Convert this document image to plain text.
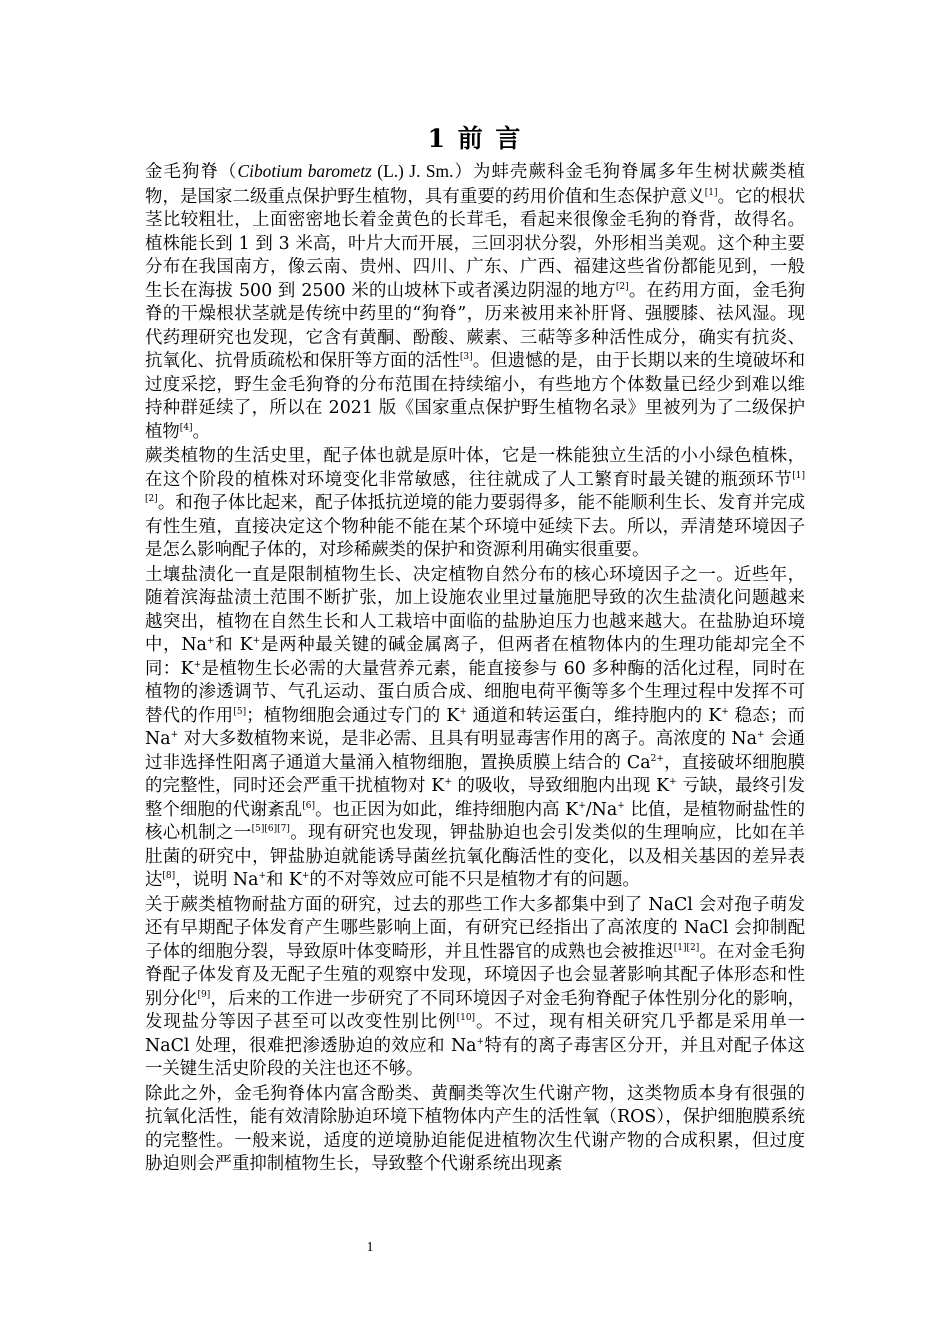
1 前 言

金毛狗脊（Cibotium barometz (L.) J. Sm.）为蚌壳蕨科金毛狗脊属多年生树状蕨类植物，是国家二级重点保护野生植物，具有重要的药用价值和生态保护意义[1]。它的根状茎比较粗壮，上面密密地长着金黄色的长茸毛，看起来很像金毛狗的脊背，故得名。植株能长到 1 到 3 米高，叶片大而开展，三回羽状分裂，外形相当美观。这个种主要分布在我国南方，像云南、贵州、四川、广东、广西、福建这些省份都能见到，一般生长在海拔 500 到 2500 米的山坡林下或者溪边阴湿的地方[2]。在药用方面，金毛狗脊的干燥根状茎就是传统中药里的“狗脊”，历来被用来补肝肾、强腰膝、祛风湿。现代药理研究也发现，它含有黄酮、酚酸、蕨素、三萜等多种活性成分，确实有抗炎、抗氧化、抗骨质疏松和保肝等方面的活性[3]。但遗憾的是，由于长期以来的生境破坏和过度采挖，野生金毛狗脊的分布范围在持续缩小，有些地方个体数量已经少到难以维持种群延续了，所以在 2021 版《国家重点保护野生植物名录》里被列为了二级保护植物[4]。

蕨类植物的生活史里，配子体也就是原叶体，它是一株能独立生活的小小绿色植株，在这个阶段的植株对环境变化非常敏感，往往就成了人工繁育时最关键的瓶颈环节[1][2]。和孢子体比起来，配子体抵抗逆境的能力要弱得多，能不能顺利生长、发育并完成有性生殖，直接决定这个物种能不能在某个环境中延续下去。所以，弄清楚环境因子是怎么影响配子体的，对珍稀蕨类的保护和资源利用确实很重要。

土壤盐渍化一直是限制植物生长、决定植物自然分布的核心环境因子之一。近些年，随着滨海盐渍土范围不断扩张，加上设施农业里过量施肥导致的次生盐渍化问题越来越突出，植物在自然生长和人工栽培中面临的盐胁迫压力也越来越大。在盐胁迫环境中，Na+和 K+是两种最关键的碱金属离子，但两者在植物体内的生理功能却完全不同：K+是植物生长必需的大量营养元素，能直接参与 60 多种酶的活化过程，同时在植物的渗透调节、气孔运动、蛋白质合成、细胞电荷平衡等多个生理过程中发挥不可替代的作用[5]；植物细胞会通过专门的 K+ 通道和转运蛋白，维持胞内的 K+ 稳态；而 Na+ 对大多数植物来说，是非必需、且具有明显毒害作用的离子。高浓度的 Na+ 会通过非选择性阳离子通道大量涌入植物细胞，置换质膜上结合的 $Ca^{2+}$，直接破坏细胞膜的完整性，同时还会严重干扰植物对 K+ 的吸收，导致细胞内出现 K+ 亏缺，最终引发整个细胞的代谢紊乱[6]。也正因为如此，维持细胞内高 K+/Na+ 比值，是植物耐盐性的核心机制之一[5][6][7]。现有研究也发现，钾盐胁迫也会引发类似的生理响应，比如在羊肚菌的研究中，钾盐胁迫就能诱导菌丝抗氧化酶活性的变化，以及相关基因的差异表达[8]，说明 Na+和 K+的不对等效应可能不只是植物才有的问题。

关于蕨类植物耐盐方面的研究，过去的那些工作大多都集中到了 NaCl 会对孢子萌发还有早期配子体发育产生哪些影响上面，有研究已经指出了高浓度的 NaCl 会抑制配子体的细胞分裂，导致原叶体变畸形，并且性器官的成熟也会被推迟[1][2]。在对金毛狗脊配子体发育及无配子生殖的观察中发现，环境因子也会显著影响其配子体形态和性别分化[9]，后来的工作进一步研究了不同环境因子对金毛狗脊配子体性别分化的影响，发现盐分等因子甚至可以改变性别比例[10]。不过，现有相关研究几乎都是采用单一 NaCl 处理，很难把渗透胁迫的效应和 Na+特有的离子毒害区分开，并且对配子体这一关键生活史阶段的关注也还不够。

除此之外，金毛狗脊体内富含酚类、黄酮类等次生代谢产物，这类物质本身有很强的抗氧化活性，能有效清除胁迫环境下植物体内产生的活性氧（ROS），保护细胞膜系统的完整性。一般来说，适度的逆境胁迫能促进植物次生代谢产物的合成积累，但过度胁迫则会严重抑制植物生长，导致整个代谢系统出现紊

1
